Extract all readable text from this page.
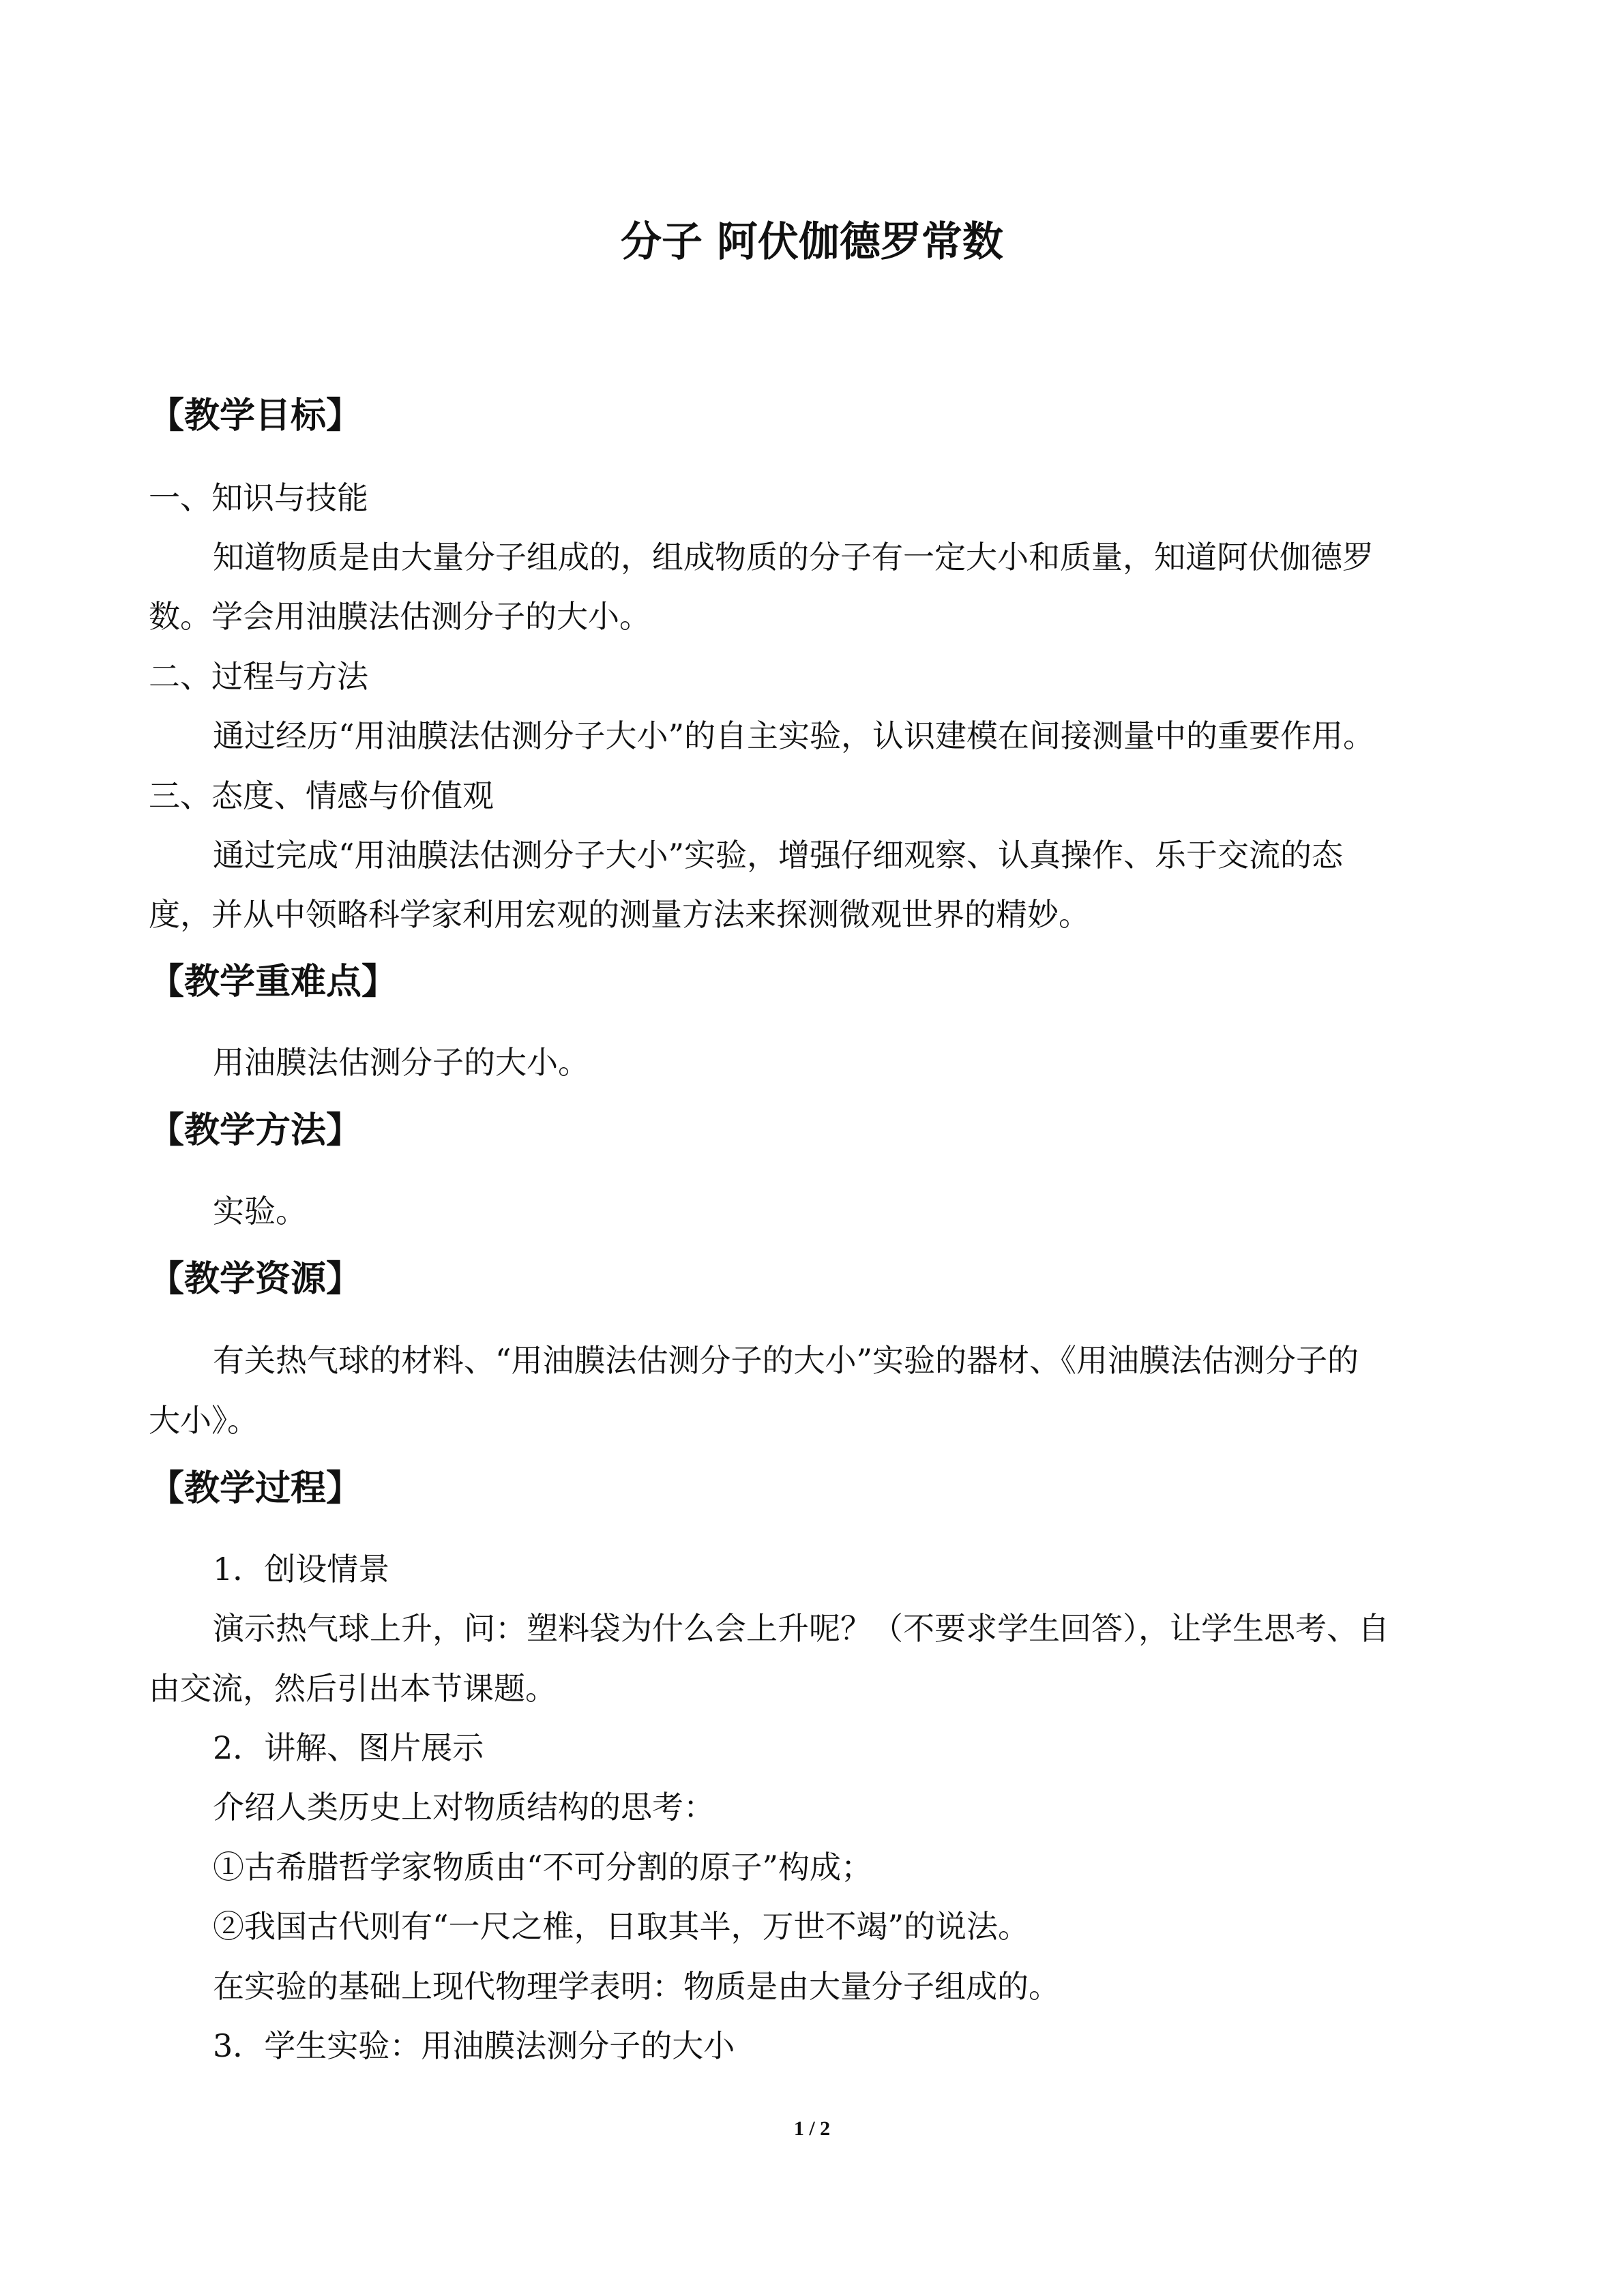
分子 阿伏伽德罗常数
【教学目标】
一、知识与技能
知道物质是由大量分子组成的，组成物质的分子有一定大小和质量，知道阿伏伽德罗
数。学会用油膜法估测分子的大小。
二、过程与方法
通过经历“用油膜法估测分子大小”的自主实验，认识建模在间接测量中的重要作用。
三、态度、情感与价值观
通过完成“用油膜法估测分子大小”实验，增强仔细观察、认真操作、乐于交流的态
度，并从中领略科学家利用宏观的测量方法来探测微观世界的精妙。
【教学重难点】
用油膜法估测分子的大小。
【教学方法】
实验。
【教学资源】
有关热气球的材料、“用油膜法估测分子的大小”实验的器材、《用油膜法估测分子的
大小》。
【教学过程】
1．创设情景
演示热气球上升，问：塑料袋为什么会上升呢？（不要求学生回答），让学生思考、自
由交流，然后引出本节课题。
2．讲解、图片展示
介绍人类历史上对物质结构的思考：
①古希腊哲学家物质由“不可分割的原子”构成；
②我国古代则有“一尺之椎，日取其半，万世不竭”的说法。
在实验的基础上现代物理学表明：物质是由大量分子组成的。
3．学生实验：用油膜法测分子的大小
1 / 2
